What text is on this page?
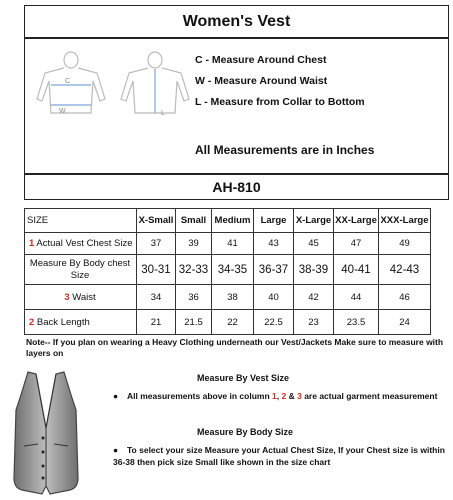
Women's Vest
C
W	L
C - Measure Around Chest
W - Measure Around Waist
L - Measure from Collar to Bottom
All Measurements are in Inches
AH-810
SIZE	X-Small	Small	Medium	Large	X-Large	XX-Large	XXX-Large
1 Actual Vest Chest Size	37	39	41	43	45	47	49
Measure By Body chest Size	30-31	32-33	34-35	36-37	38-39	40-41	42-43
3 Waist	34	36	38	40	42	44	46
2 Back Length	21	21.5	22	22.5	23	23.5	24
Note-- If you plan on wearing a Heavy Clothing underneath our Vest/Jackets Make sure to measure with layers on
Measure By Vest Size
● All measurements above in column 1, 2 & 3 are actual garment measurement
Measure By Body Size
● To select your size Measure your Actual Chest Size, If your Chest size is within 36-38 then pick size Small like shown in the size chart
